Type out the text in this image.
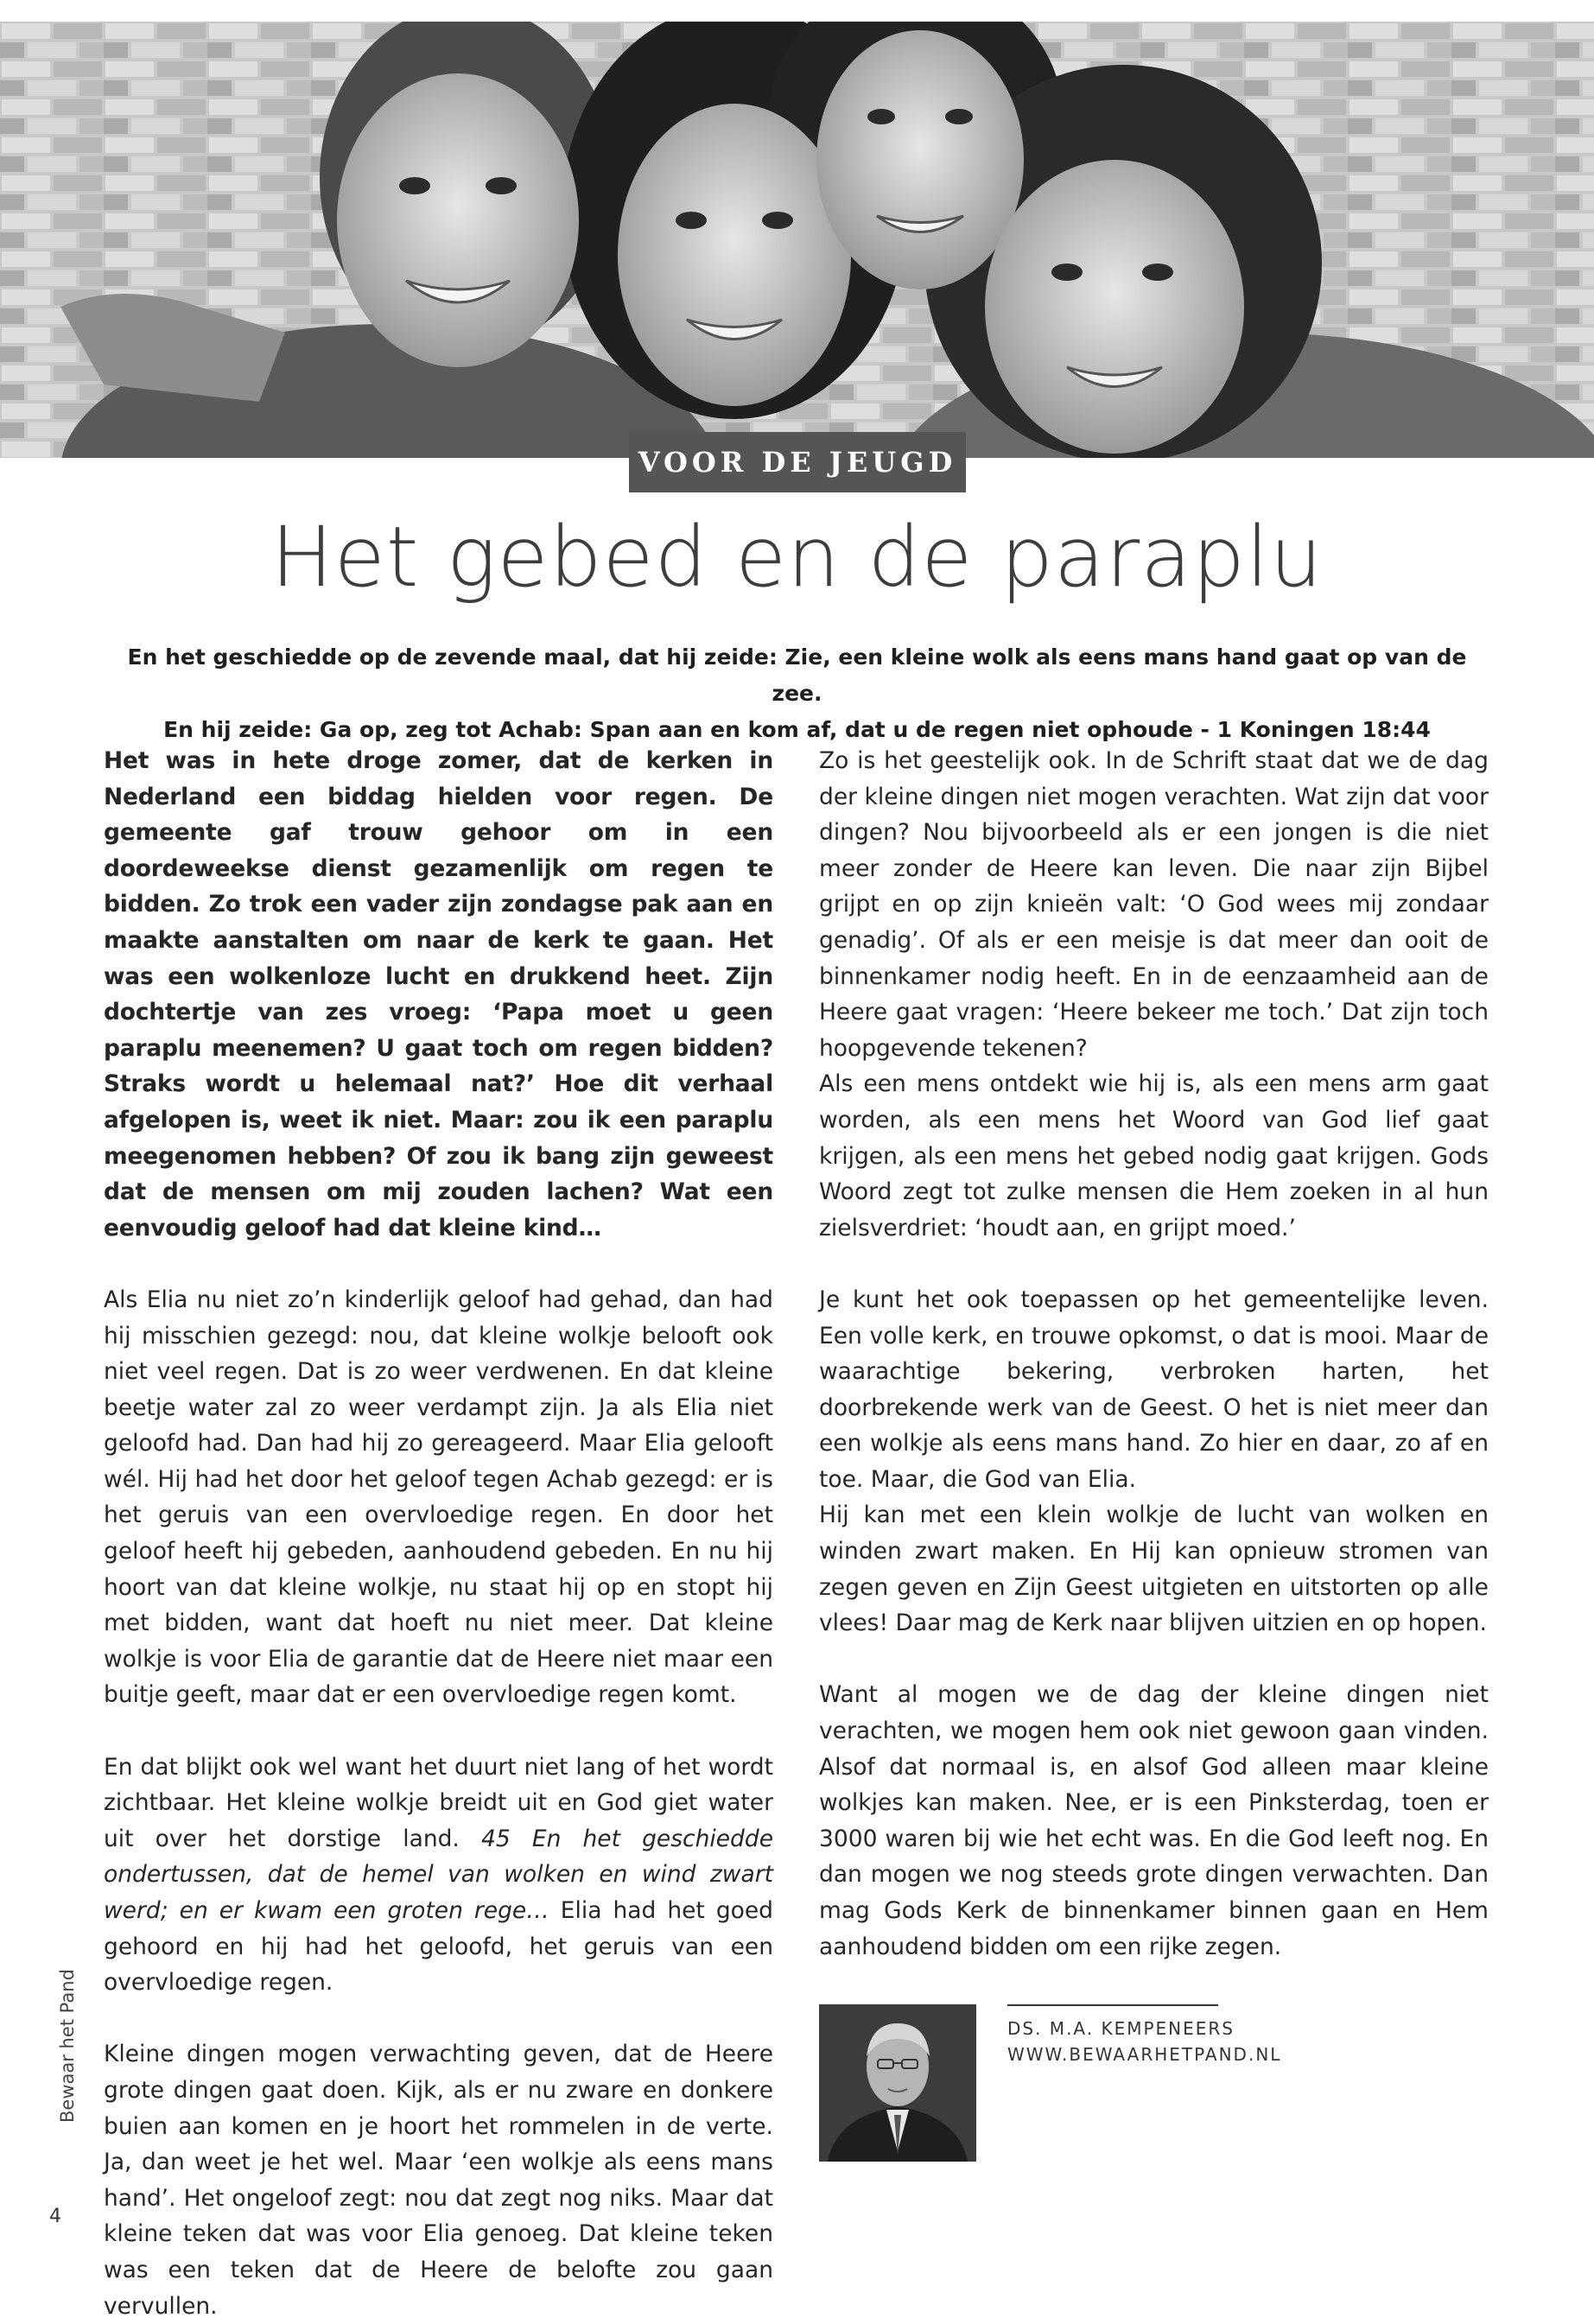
VOOR DE JEUGD
Het gebed en de paraplu

En het geschiedde op de zevende maal, dat hij zeide: Zie, een kleine wolk als eens mans hand gaat op van de zee.

En hij zeide: Ga op, zeg tot Achab: Span aan en kom af, dat u de regen niet ophoude - 1 Koningen 18:44

Het was in hete droge zomer, dat de kerken in Nederland een biddag hielden voor regen. De gemeente gaf trouw gehoor om in een doordeweekse dienst gezamenlijk om regen te bidden. Zo trok een vader zijn zondagse pak aan en maakte aanstalten om naar de kerk te gaan. Het was een wolkenloze lucht en drukkend heet. Zijn dochtertje van zes vroeg: ‘Papa moet u geen paraplu meenemen? U gaat toch om regen bidden? Straks wordt u helemaal nat?’ Hoe dit verhaal afgelopen is, weet ik niet. Maar: zou ik een paraplu meegenomen hebben? Of zou ik bang zijn geweest dat de mensen om mij zouden lachen? Wat een eenvoudig geloof had dat kleine kind…

Als Elia nu niet zo’n kinderlijk geloof had gehad, dan had hij misschien gezegd: nou, dat kleine wolkje belooft ook niet veel regen. Dat is zo weer verdwenen. En dat kleine beetje water zal zo weer verdampt zijn. Ja als Elia niet geloofd had. Dan had hij zo gereageerd. Maar Elia gelooft wél. Hij had het door het geloof tegen Achab gezegd: er is het geruis van een overvloedige regen. En door het geloof heeft hij gebeden, aanhoudend gebeden. En nu hij hoort van dat kleine wolkje, nu staat hij op en stopt hij met bidden, want dat hoeft nu niet meer. Dat kleine wolkje is voor Elia de garantie dat de Heere niet maar een buitje geeft, maar dat er een overvloedige regen komt.

En dat blijkt ook wel want het duurt niet lang of het wordt zichtbaar. Het kleine wolkje breidt uit en God giet water uit over het dorstige land. 45 En het geschiedde ondertussen, dat de hemel van wolken en wind zwart werd; en er kwam een groten rege… Elia had het goed gehoord en hij had het geloofd, het geruis van een overvloedige regen.

Kleine dingen mogen verwachting geven, dat de Heere grote dingen gaat doen. Kijk, als er nu zware en donkere buien aan komen en je hoort het rommelen in de verte. Ja, dan weet je het wel. Maar ‘een wolkje als eens mans hand’. Het ongeloof zegt: nou dat zegt nog niks. Maar dat kleine teken dat was voor Elia genoeg. Dat kleine teken was een teken dat de Heere de belofte zou gaan vervullen.

Zo is het geestelijk ook. In de Schrift staat dat we de dag der kleine dingen niet mogen verachten. Wat zijn dat voor dingen? Nou bijvoorbeeld als er een jongen is die niet meer zonder de Heere kan leven. Die naar zijn Bijbel grijpt en op zijn knieën valt: ‘O God wees mij zondaar genadig’. Of als er een meisje is dat meer dan ooit de binnenkamer nodig heeft. En in de eenzaamheid aan de Heere gaat vragen: ‘Heere bekeer me toch.’ Dat zijn toch hoopgevende tekenen?

Als een mens ontdekt wie hij is, als een mens arm gaat worden, als een mens het Woord van God lief gaat krijgen, als een mens het gebed nodig gaat krijgen. Gods Woord zegt tot zulke mensen die Hem zoeken in al hun zielsverdriet: ‘houdt aan, en grijpt moed.’

Je kunt het ook toepassen op het gemeentelijke leven. Een volle kerk, en trouwe opkomst, o dat is mooi. Maar de waarachtige bekering, verbroken harten, het doorbrekende werk van de Geest. O het is niet meer dan een wolkje als eens mans hand. Zo hier en daar, zo af en toe. Maar, die God van Elia.

Hij kan met een klein wolkje de lucht van wolken en winden zwart maken. En Hij kan opnieuw stromen van zegen geven en Zijn Geest uitgieten en uitstorten op alle vlees! Daar mag de Kerk naar blijven uitzien en op hopen.

Want al mogen we de dag der kleine dingen niet verachten, we mogen hem ook niet gewoon gaan vinden. Alsof dat normaal is, en alsof God alleen maar kleine wolkjes kan maken. Nee, er is een Pinksterdag, toen er 3000 waren bij wie het echt was. En die God leeft nog. En dan mogen we nog steeds grote dingen verwachten. Dan mag Gods Kerk de binnenkamer binnen gaan en Hem aanhoudend bidden om een rijke zegen.

DS. M.A. KEMPENEERS
WWW.BEWAARHETPAND.NL
Bewaar het Pand
4
